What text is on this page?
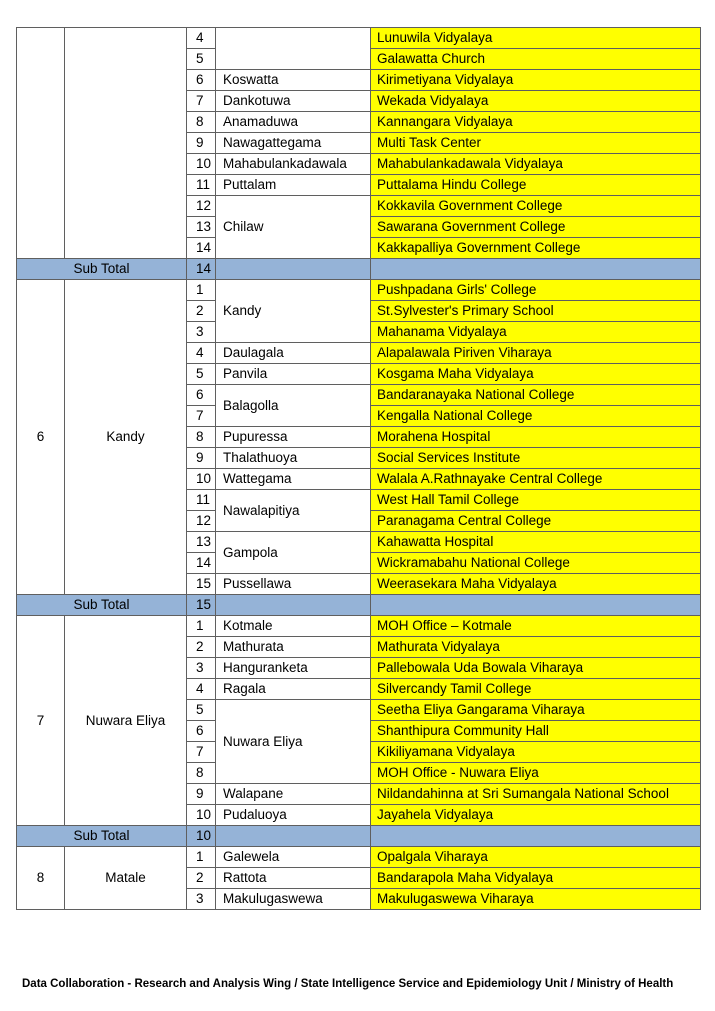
		4		Lunuwila Vidyalaya
		5		Galawatta Church
		6	Koswatta	Kirimetiyana Vidyalaya
		7	Dankotuwa	Wekada Vidyalaya
		8	Anamaduwa	Kannangara Vidyalaya
		9	Nawagattegama	Multi Task Center
		10	Mahabulankadawala	Mahabulankadawala Vidyalaya
		11	Puttalam	Puttalama Hindu College
		12	Chilaw	Kokkavila Government College
		13		Sawarana Government College
		14		Kakkapalliya Government College
Sub Total		14		
6	Kandy	1	Kandy	Pushpadana Girls' College
		2		St.Sylvester's Primary School
		3		Mahanama Vidyalaya
		4	Daulagala	Alapalawala Piriven Viharaya
		5	Panvila	Kosgama Maha Vidyalaya
		6	Balagolla	Bandaranayaka National College
		7		Kengalla National College
		8	Pupuressa	Morahena Hospital
		9	Thalathuoya	Social Services Institute
		10	Wattegama	Walala A.Rathnayake Central College
		11	Nawalapitiya	West Hall Tamil College
		12		Paranagama Central College
		13	Gampola	Kahawatta Hospital
		14		Wickramabahu National College
		15	Pussellawa	Weerasekara Maha Vidyalaya
Sub Total		15		
7	Nuwara Eliya	1	Kotmale	MOH Office – Kotmale
		2	Mathurata	Mathurata Vidyalaya
		3	Hanguranketa	Pallebowala Uda Bowala Viharaya
		4	Ragala	Silvercandy Tamil College
		5	Nuwara Eliya	Seetha Eliya Gangarama Viharaya
		6		Shanthipura Community Hall
		7		Kikiliyamana Vidyalaya
		8		MOH Office - Nuwara Eliya
		9	Walapane	Nildandahinna at Sri Sumangala National School
		10	Pudaluoya	Jayahela Vidyalaya
Sub Total		10		
8	Matale	1	Galewela	Opalgala Viharaya
		2	Rattota	Bandarapola Maha Vidyalaya
		3	Makulugaswewa	Makulugaswewa Viharaya
Data Collaboration - Research and Analysis Wing / State Intelligence Service and Epidemiology Unit / Ministry of Health
